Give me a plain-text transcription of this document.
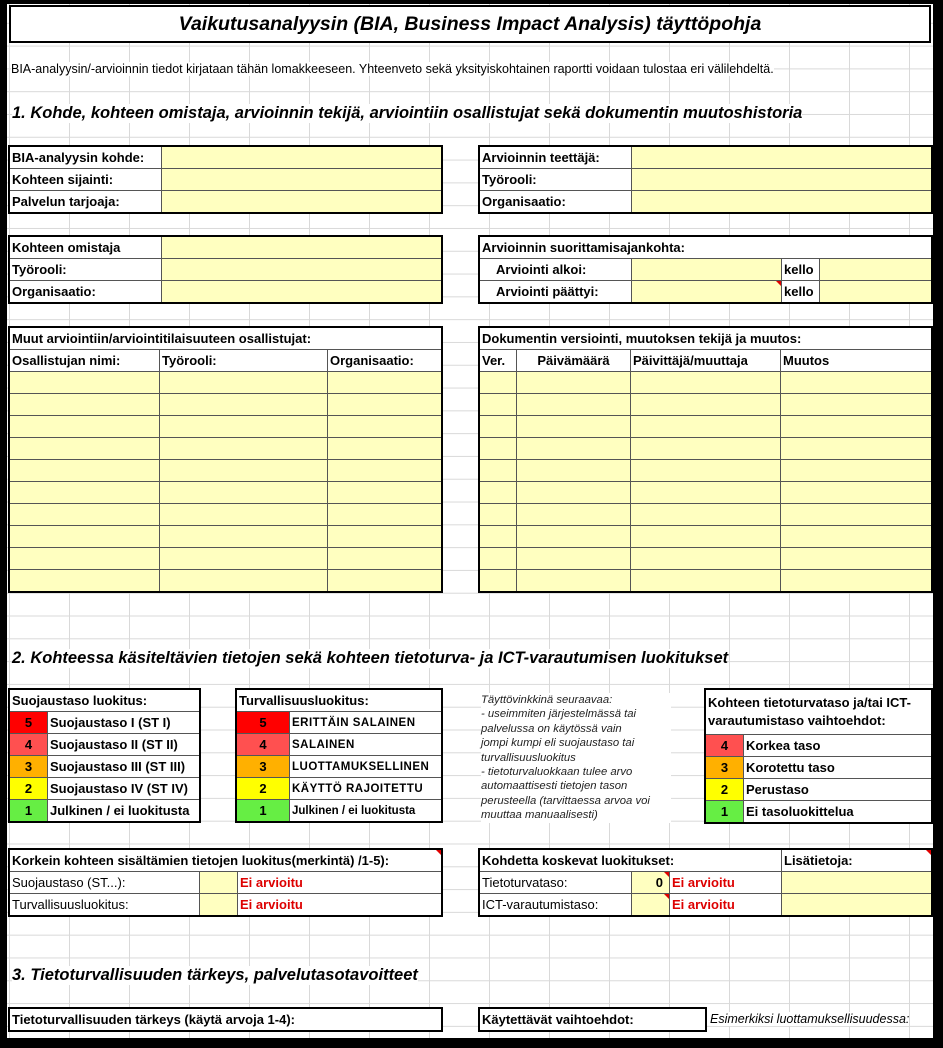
Vaikutusanalyysin (BIA, Business Impact Analysis) täyttöpohja
BIA-analyysin/-arvioinnin tiedot kirjataan tähän lomakkeeseen. Yhteenveto sekä yksityiskohtainen raportti voidaan tulostaa eri välilehdeltä.
1. Kohde, kohteen omistaja, arvioinnin tekijä, arviointiin osallistujat sekä dokumentin muutoshistoria
BIA-analyysin kohde:	
Kohteen sijainti:	
Palvelun tarjoaja:	
Arvioinnin teettäjä:	
Työrooli:	
Organisaatio:	
Kohteen omistaja	
Työrooli:	
Organisaatio:	
Arvioinnin suorittamisajankohta:			
Arviointi alkoi:		kello	
Arviointi päättyi:		kello	
Muut arviointiin/arviointitilaisuuteen osallistujat:		
Osallistujan nimi:	Työrooli:	Organisaatio:

Dokumentin versiointi, muutoksen tekijä ja muutos:			
Ver.	Päivämäärä	Päivittäjä/muuttaja	Muutos

2. Kohteessa käsiteltävien tietojen sekä kohteen tietoturva- ja ICT-varautumisen luokitukset
Suojaustaso luokitus:	
5	Suojaustaso I (ST I)
4	Suojaustaso II (ST II)
3	Suojaustaso III (ST III)
2	Suojaustaso IV (ST IV)
1	Julkinen / ei luokitusta
Turvallisuusluokitus:	
5	ERITTÄIN SALAINEN
4	SALAINEN
3	LUOTTAMUKSELLINEN
2	KÄYTTÖ RAJOITETTU
1	Julkinen / ei luokitusta
Täyttövinkkinä seuraavaa:
- useimmiten järjestelmässä tai
palvelussa on käytössä vain
jompi kumpi eli suojaustaso tai
turvallisuusluokitus
- tietoturvaluokkaan tulee arvo
automaattisesti tietojen tason
perusteella (tarvittaessa arvoa voi
muuttaa manuaalisesti)
Kohteen tietoturvataso ja/tai ICT-
varautumistaso vaihtoehdot:	

4	Korkea taso
3	Korotettu taso
2	Perustaso
1	Ei tasoluokittelua
Korkein kohteen sisältämien tietojen luokitus(merkintä) /1-5):		

Suojaustaso (ST...):		Ei arvioitu
Turvallisuusluokitus:		Ei arvioitu
Kohdetta koskevat luokitukset:			Lisätietoja:

Tietoturvataso:	0	Ei arvioitu	
ICT-varautumistaso:		Ei arvioitu	
3. Tietoturvallisuuden tärkeys, palvelutasotavoitteet
Tietoturvallisuuden tärkeys (käytä arvoja 1-4):	Käytettävät vaihtoehdot:	Esimerkiksi luottamuksellisuudessa:
